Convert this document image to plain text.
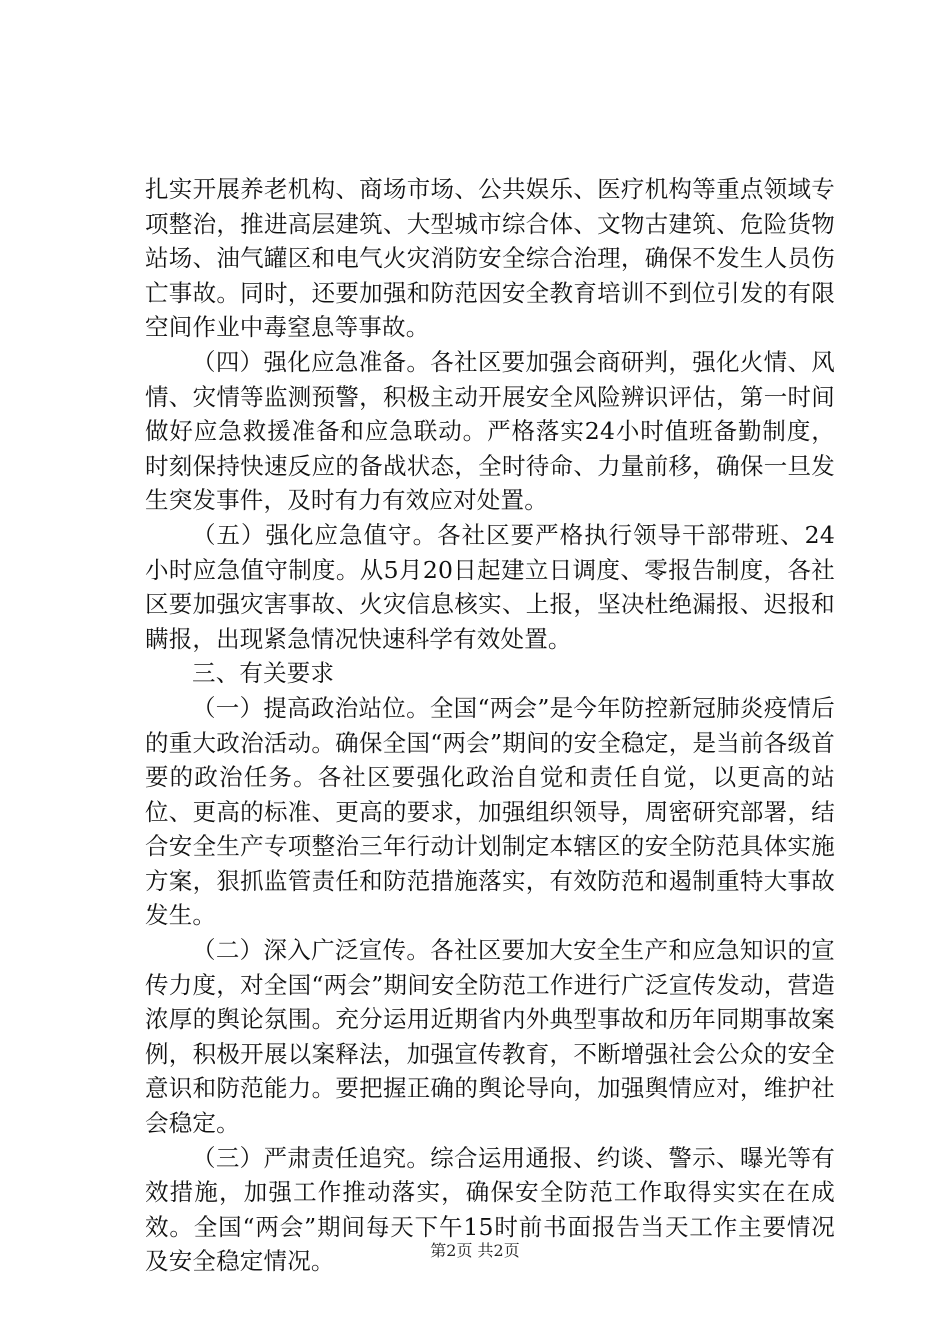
扎实开展养老机构、商场市场、公共娱乐、医疗机构等重点领域专项整治，推进高层建筑、大型城市综合体、文物古建筑、危险货物站场、油气罐区和电气火灾消防安全综合治理，确保不发生人员伤亡事故。同时，还要加强和防范因安全教育培训不到位引发的有限空间作业中毒窒息等事故。

（四）强化应急准备。各社区要加强会商研判，强化火情、风情、灾情等监测预警，积极主动开展安全风险辨识评估，第一时间做好应急救援准备和应急联动。严格落实24小时值班备勤制度，时刻保持快速反应的备战状态，全时待命、力量前移，确保一旦发生突发事件，及时有力有效应对处置。

（五）强化应急值守。各社区要严格执行领导干部带班、24小时应急值守制度。从5月20日起建立日调度、零报告制度，各社区要加强灾害事故、火灾信息核实、上报，坚决杜绝漏报、迟报和瞒报，出现紧急情况快速科学有效处置。

三、有关要求

（一）提高政治站位。全国“两会”是今年防控新冠肺炎疫情后的重大政治活动。确保全国“两会”期间的安全稳定，是当前各级首要的政治任务。各社区要强化政治自觉和责任自觉，以更高的站位、更高的标准、更高的要求，加强组织领导，周密研究部署，结合安全生产专项整治三年行动计划制定本辖区的安全防范具体实施方案，狠抓监管责任和防范措施落实，有效防范和遏制重特大事故发生。

（二）深入广泛宣传。各社区要加大安全生产和应急知识的宣传力度，对全国“两会”期间安全防范工作进行广泛宣传发动，营造浓厚的舆论氛围。充分运用近期省内外典型事故和历年同期事故案例，积极开展以案释法，加强宣传教育，不断增强社会公众的安全意识和防范能力。要把握正确的舆论导向，加强舆情应对，维护社会稳定。

（三）严肃责任追究。综合运用通报、约谈、警示、曝光等有效措施，加强工作推动落实，确保安全防范工作取得实实在在成效。全国“两会”期间每天下午15时前书面报告当天工作主要情况及安全稳定情况。	第2页 共2页
